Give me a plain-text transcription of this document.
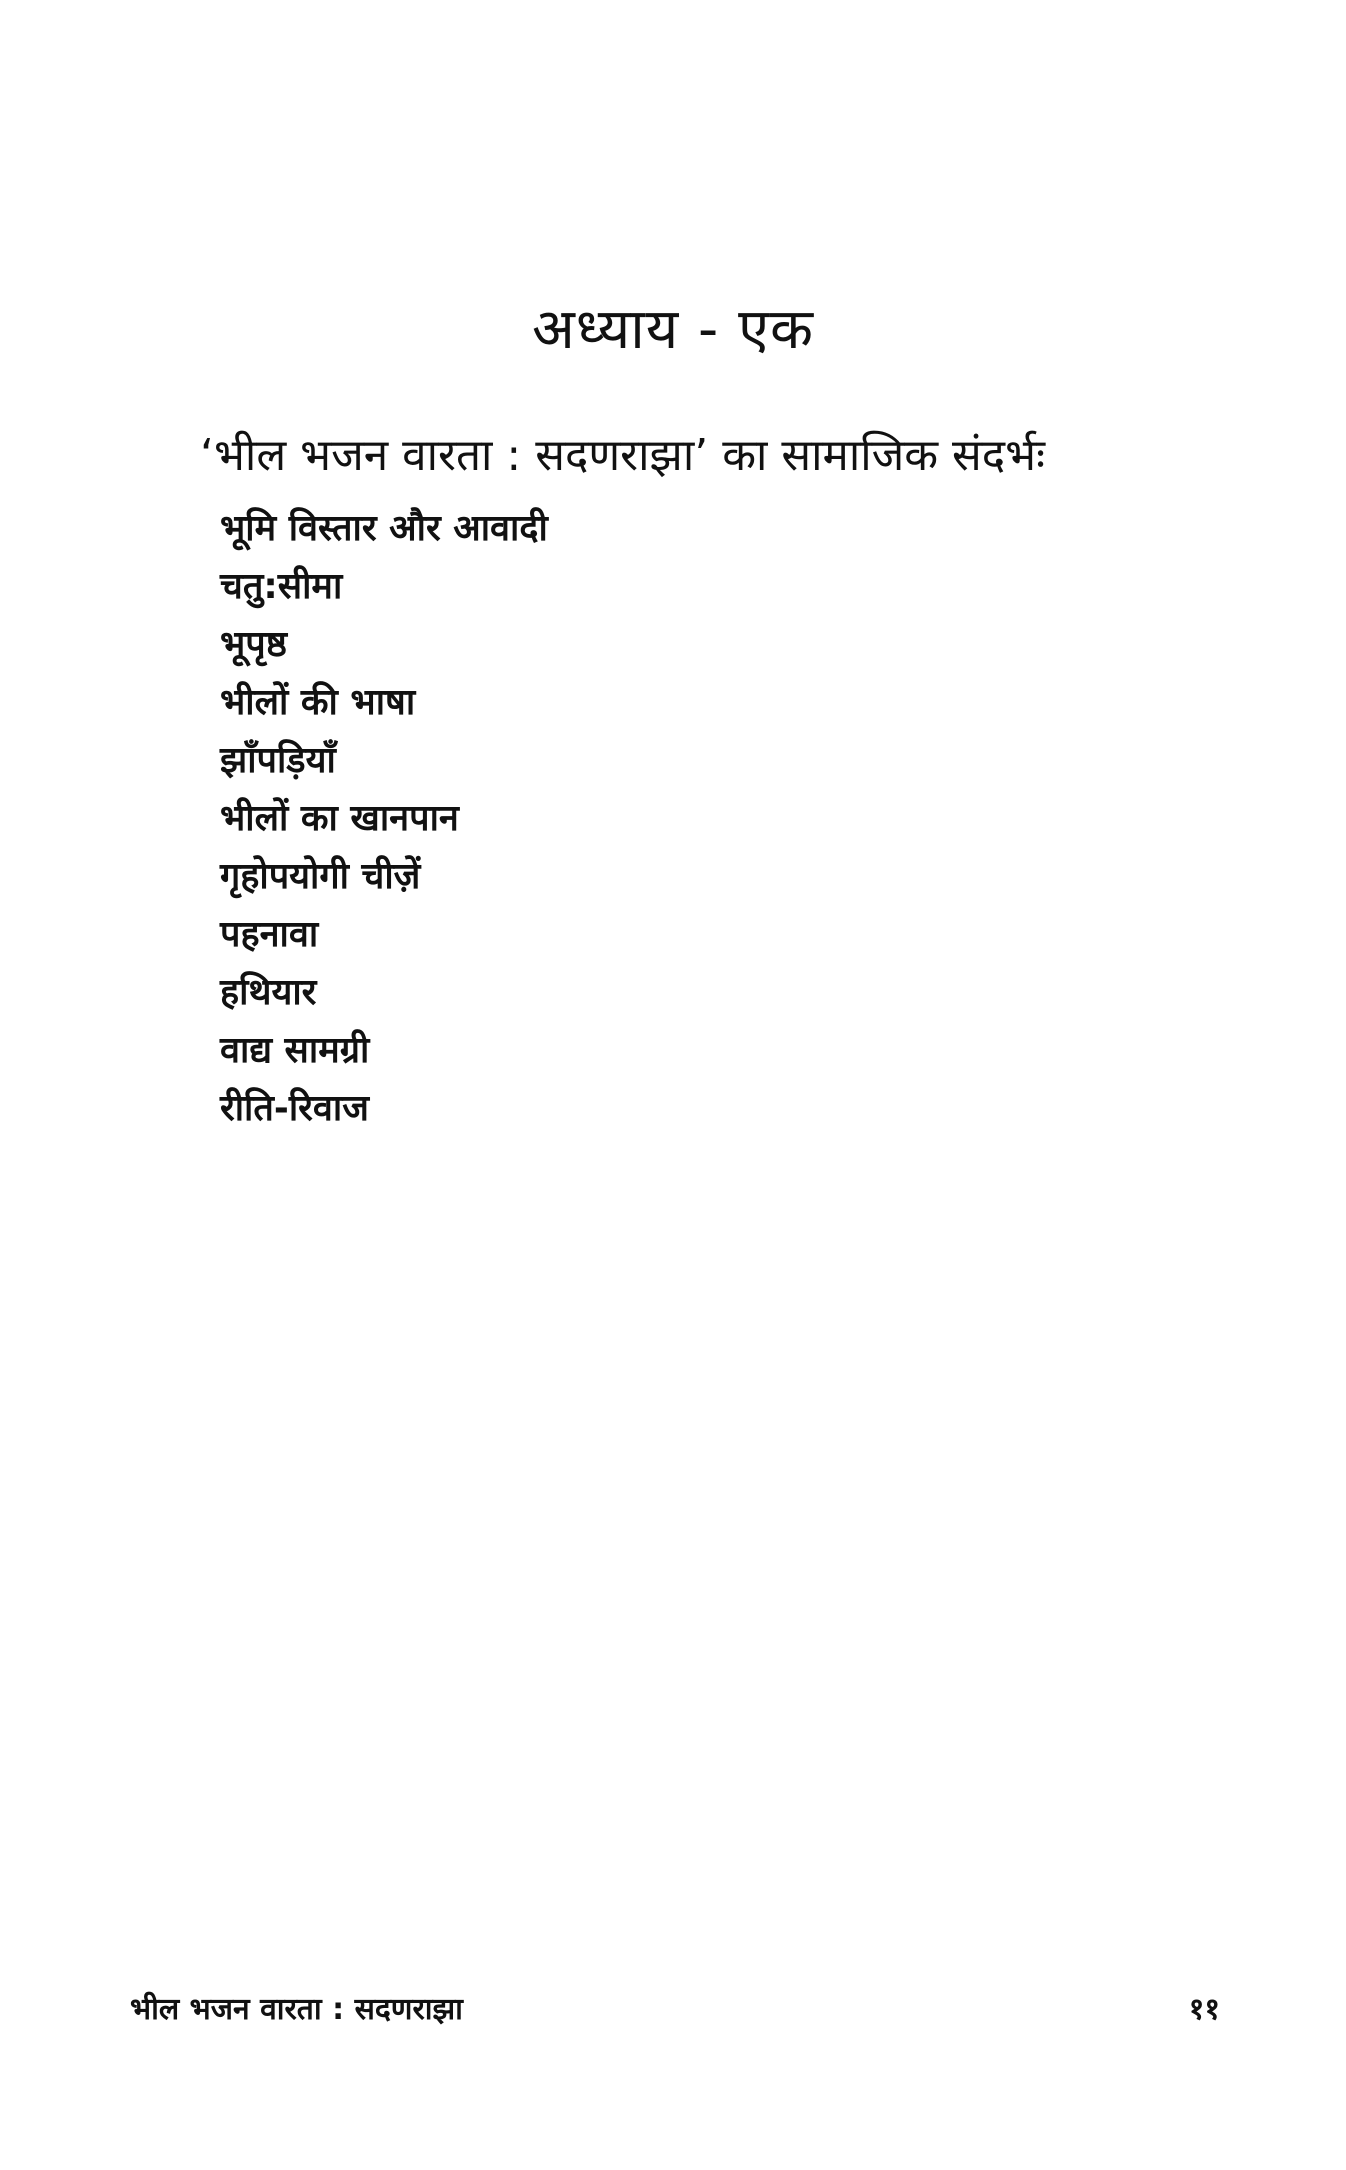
अध्याय - एक
‘भील भजन वारता : सदणराझा’ का सामाजिक संदर्भः
भूमि विस्तार और आवादी
चतु:सीमा
भूपृष्ठ
भीलों की भाषा
झाँपड़ियाँ
भीलों का खानपान
गृहोपयोगी चीज़ें
पहनावा
हथियार
वाद्य सामग्री
रीति-रिवाज
भील भजन वारता : सदणराझा	११
